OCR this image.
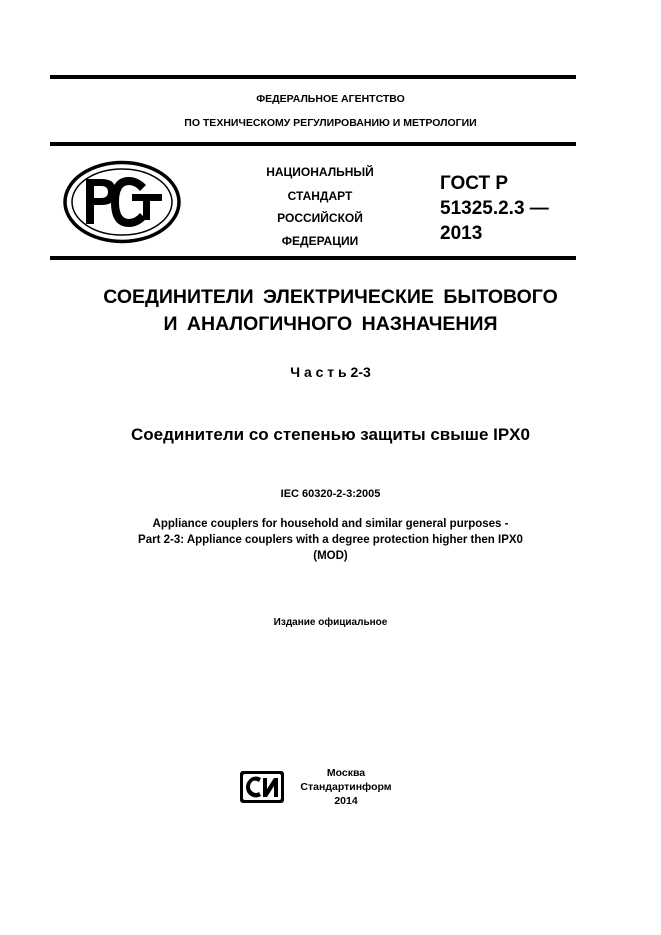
ФЕДЕРАЛЬНОЕ АГЕНТСТВО
ПО ТЕХНИЧЕСКОМУ РЕГУЛИРОВАНИЮ И МЕТРОЛОГИИ
НАЦИОНАЛЬНЫЙ
СТАНДАРТ
РОССИЙСКОЙ
ФЕДЕРАЦИИ
ГОСТ Р
51325.2.3 —
2013
СОЕДИНИТЕЛИ ЭЛЕКТРИЧЕСКИЕ БЫТОВОГО
И АНАЛОГИЧНОГО НАЗНАЧЕНИЯ
Ч а с т ь 2-3
Соединители со степенью защиты свыше IPX0
IEC 60320-2-3:2005
Appliance couplers for household and similar general purposes -
Part 2-3: Appliance couplers with a degree protection higher then IPX0
(MOD)
Издание официальное
Москва
Стандартинформ
2014
